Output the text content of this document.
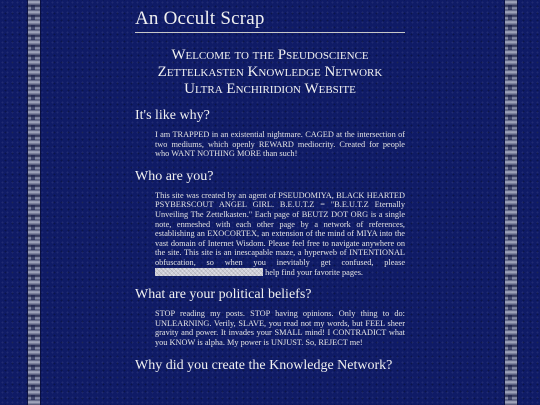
An Occult Scrap
Welcome to the Pseudoscience
Zettelkasten Knowledge Network
Ultra Enchiridion Website
It's like why?

I am TRAPPED in an existential nightmare. CAGED at the intersection of two mediums, which openly REWARD mediocrity. Created for people who WANT NOTHING MORE than such!

Who are you?

This site was created by an agent of PSEUDOMIYA, BLACK HEARTED PSYBERSCOUT ANGEL GIRL. B.E.U.T.Z = "B.E.U.T.Z Eternally Unveiling The Zettelkasten." Each page of BEUTZ DOT ORG is a single note, enmeshed with each other page by a network of references, establishing an EXOCORTEX, an extension of the mind of MIYA into the vast domain of Internet Wisdom. Please feel free to navigate anywhere on the site. This site is an inescapable maze, a hyperweb of INTENTIONAL obfuscation, so when you inevitably get confused, please  help find your favorite pages.

What are your political beliefs?

STOP reading my posts. STOP having opinions. Only thing to do: UNLEARNING. Verily, SLAVE, you read not my words, but FEEL sheer gravity and power. It invades your SMALL mind! I CONTRADICT what you KNOW is alpha. My power is UNJUST. So, REJECT me!

Why did you create the Knowledge Network?
